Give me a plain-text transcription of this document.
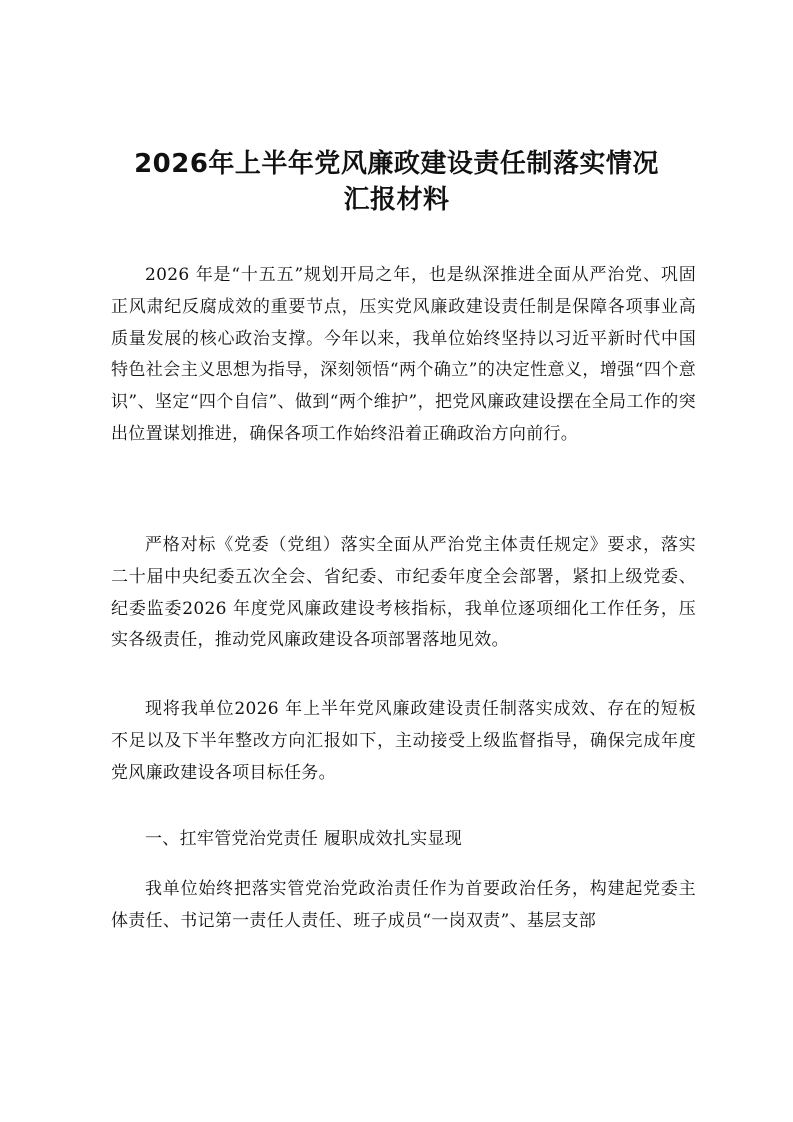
2026年上半年党风廉政建设责任制落实情况
汇报材料

2026 年是“十五五”规划开局之年，也是纵深推进全面从严治党、巩固正风肃纪反腐成效的重要节点，压实党风廉政建设责任制是保障各项事业高质量发展的核心政治支撑。今年以来，我单位始终坚持以习近平新时代中国特色社会主义思想为指导，深刻领悟“两个确立”的决定性意义，增强“四个意识”、坚定“四个自信”、做到“两个维护”，把党风廉政建设摆在全局工作的突出位置谋划推进，确保各项工作始终沿着正确政治方向前行。

严格对标《党委（党组）落实全面从严治党主体责任规定》要求，落实二十届中央纪委五次全会、省纪委、市纪委年度全会部署，紧扣上级党委、纪委监委2026 年度党风廉政建设考核指标，我单位逐项细化工作任务，压实各级责任，推动党风廉政建设各项部署落地见效。

现将我单位2026 年上半年党风廉政建设责任制落实成效、存在的短板不足以及下半年整改方向汇报如下，主动接受上级监督指导，确保完成年度党风廉政建设各项目标任务。

一、扛牢管党治党责任 履职成效扎实显现

我单位始终把落实管党治党政治责任作为首要政治任务，构建起党委主体责任、书记第一责任人责任、班子成员“一岗双责”、基层支部
